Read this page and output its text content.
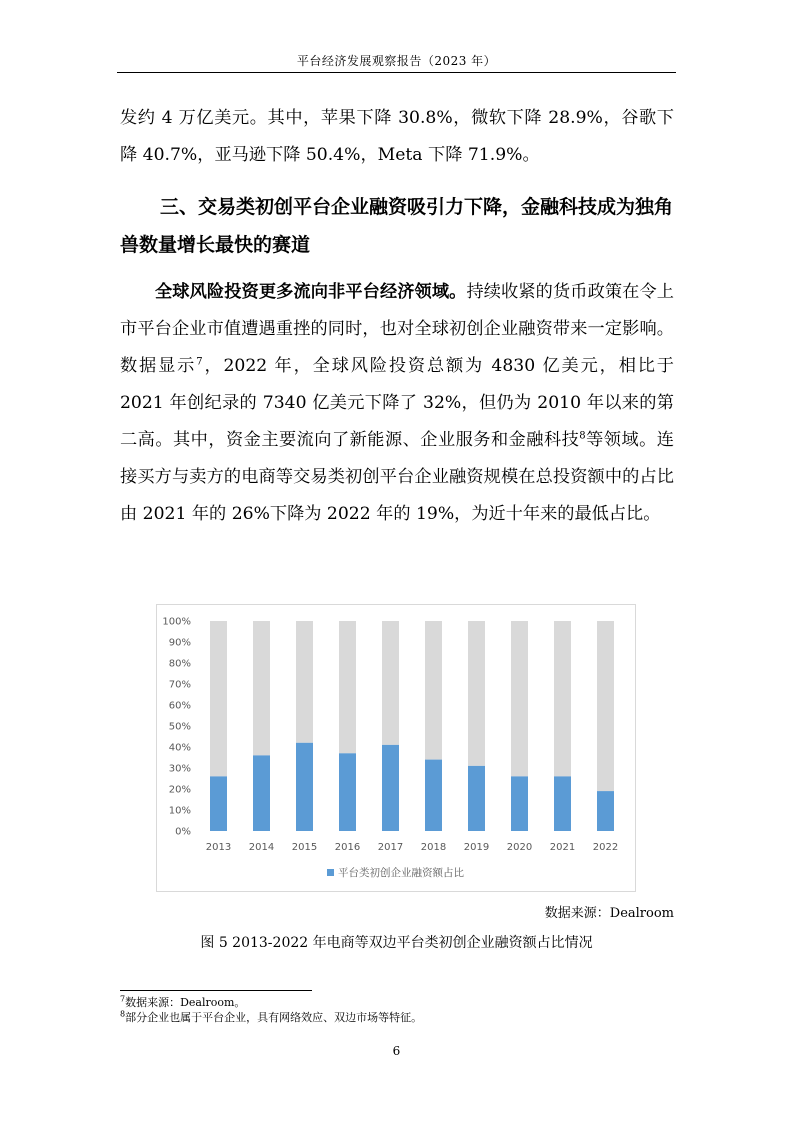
平台经济发展观察报告（2023 年）
发约 4 万亿美元。其中，苹果下降 30.8%，微软下降 28.9%，谷歌下降 40.7%，亚马逊下降 50.4%，Meta 下降 71.9%。
三、交易类初创平台企业融资吸引力下降，金融科技成为独角兽数量增长最快的赛道
全球风险投资更多流向非平台经济领域。持续收紧的货币政策在令上市平台企业市值遭遇重挫的同时，也对全球初创企业融资带来一定影响。数据显示$^7$，2022 年，全球风险投资总额为 4830 亿美元，相比于 2021 年创纪录的 7340 亿美元下降了 32%，但仍为 2010 年以来的第二高。其中，资金主要流向了新能源、企业服务和金融科技$^8$等领域。连接买方与卖方的电商等交易类初创平台企业融资规模在总投资额中的占比由 2021 年的 26%下降为 2022 年的 19%，为近十年来的最低占比。
0%
10%
20%
30%
40%
50%
60%
70%
80%
90%
100%
2013 2014 2015 2016 2017 2018 2019 2020 2021 2022
平台类初创企业融资额占比
数据来源：Dealroom
图 5 2013-2022 年电商等双边平台类初创企业融资额占比情况
$^7$数据来源：Dealroom。
$^8$部分企业也属于平台企业，具有网络效应、双边市场等特征。
6
